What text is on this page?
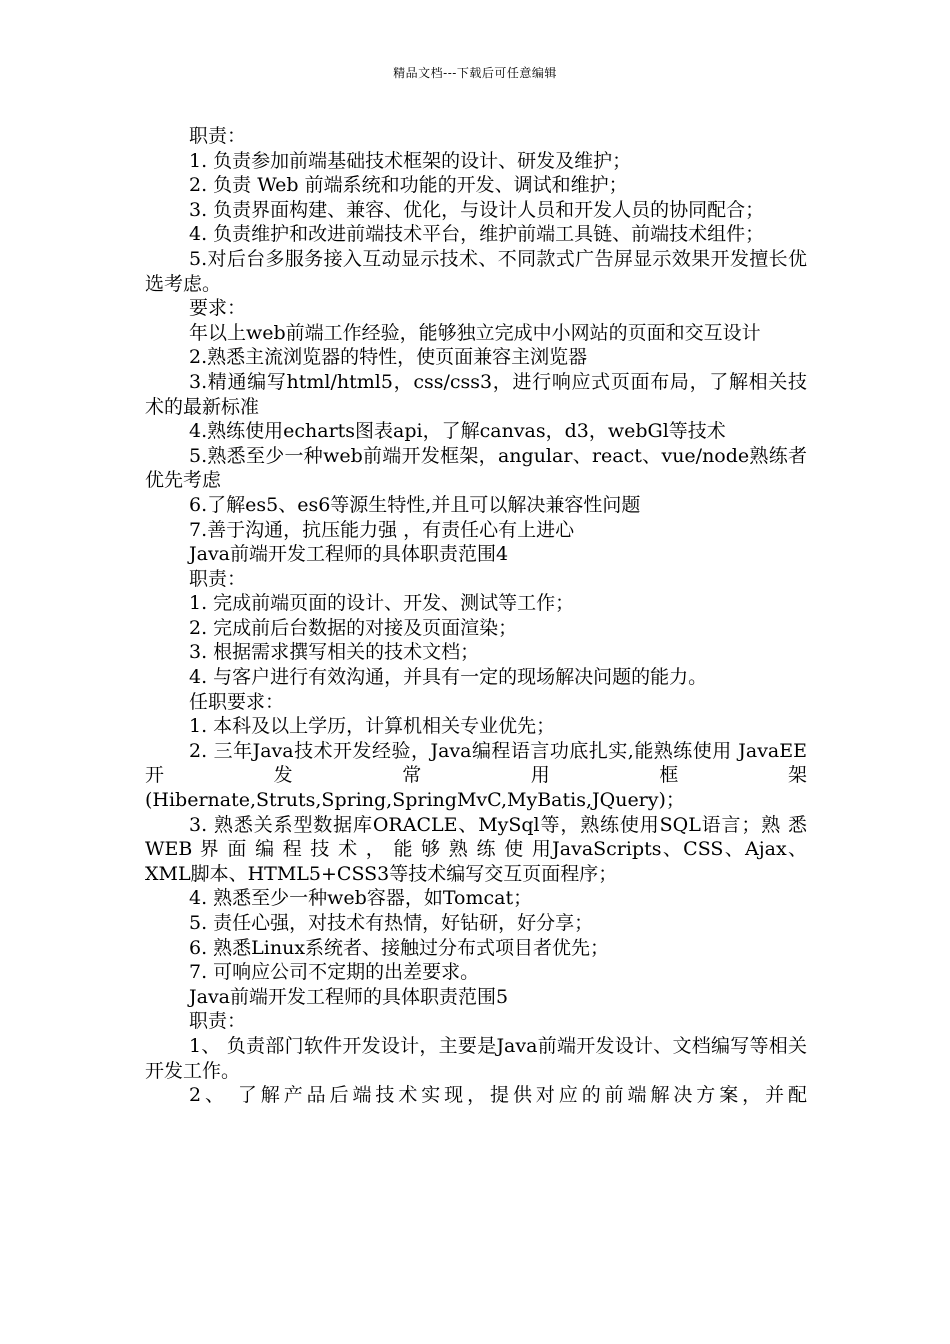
精品文档---下载后可任意编辑

职责：

1. 负责参加前端基础技术框架的设计、研发及维护；

2. 负责 Web 前端系统和功能的开发、调试和维护；

3. 负责界面构建、兼容、优化，与设计人员和开发人员的协同配合；

4. 负责维护和改进前端技术平台，维护前端工具链、前端技术组件；

5.对后台多服务接入互动显示技术、不同款式广告屏显示效果开发擅长优选考虑。

要求：

年以上web前端工作经验，能够独立完成中小网站的页面和交互设计

2.熟悉主流浏览器的特性，使页面兼容主浏览器

3.精通编写html/html5，css/css3，进行响应式页面布局，了解相关技术的最新标准

4.熟练使用echarts图表api，了解canvas，d3，webGl等技术

5.熟悉至少一种web前端开发框架，angular、react、vue/node熟练者优先考虑

6.了解es5、es6等源生特性,并且可以解决兼容性问题

7.善于沟通，抗压能力强 ，有责任心有上进心

Java前端开发工程师的具体职责范围4

职责：

1. 完成前端页面的设计、开发、测试等工作；

2. 完成前后台数据的对接及页面渲染；

3. 根据需求撰写相关的技术文档；

4. 与客户进行有效沟通，并具有一定的现场解决问题的能力。

任职要求：

1. 本科及以上学历，计算机相关专业优先；

2. 三年Java技术开发经验，Java编程语言功底扎实,能熟练使用 JavaEE 开 发 常 用 框 架(Hibernate,Struts,Spring,SpringMvC,MyBatis,JQuery)；

3. 熟悉关系型数据库ORACLE、MySql等，熟练使用SQL语言；熟 悉 WEB 界 面 编 程 技 术 ， 能 够 熟 练 使 用JavaScripts、CSS、Ajax、XML脚本、HTML5+CSS3等技术编写交互页面程序；

4. 熟悉至少一种web容器，如Tomcat；

5. 责任心强，对技术有热情，好钻研，好分享；

6. 熟悉Linux系统者、接触过分布式项目者优先；

7. 可响应公司不定期的出差要求。

Java前端开发工程师的具体职责范围5

职责：

1、 负责部门软件开发设计，主要是Java前端开发设计、文档编写等相关开发工作。

2、 了解产品后端技术实现，提供对应的前端解决方案，并配
